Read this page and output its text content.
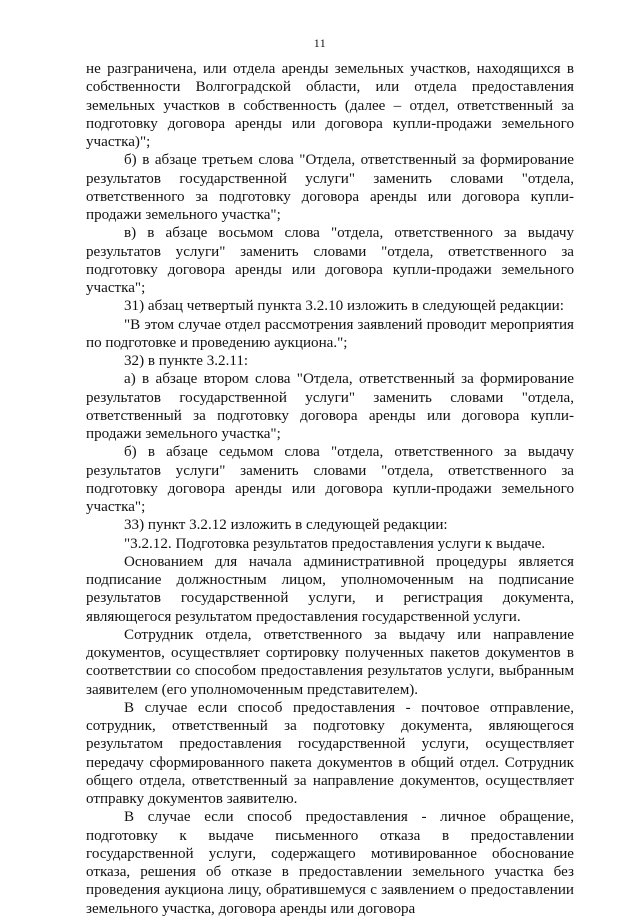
11

не разграничена, или отдела аренды земельных участков, находящихся в собственности Волгоградской области, или отдела предоставления земельных участков в собственность (далее – отдел, ответственный за подготовку договора аренды или договора купли-продажи земельного участка)";

б) в абзаце третьем слова "Отдела, ответственный за формирование результатов государственной услуги" заменить словами "отдела, ответственного за подготовку договора аренды или договора купли-продажи земельного участка";

в) в абзаце восьмом слова "отдела, ответственного за выдачу результатов услуги" заменить словами "отдела, ответственного за подготовку договора аренды или договора купли-продажи земельного участка";

31) абзац четвертый пункта 3.2.10 изложить в следующей редакции:

"В этом случае отдел рассмотрения заявлений проводит мероприятия по подготовке и проведению аукциона.";

32) в пункте 3.2.11:

а) в абзаце втором слова "Отдела, ответственный за формирование результатов государственной услуги" заменить словами "отдела, ответственный за подготовку договора аренды или договора купли-продажи земельного участка";

б) в абзаце седьмом слова "отдела, ответственного за выдачу результатов услуги" заменить словами "отдела, ответственного за подготовку договора аренды или договора купли-продажи земельного участка";

33) пункт 3.2.12 изложить в следующей редакции:

"3.2.12. Подготовка результатов предоставления услуги к выдаче.

Основанием для начала административной процедуры является подписание должностным лицом, уполномоченным на подписание результатов государственной услуги, и регистрация документа, являющегося результатом предоставления государственной услуги.

Сотрудник отдела, ответственного за выдачу или направление документов, осуществляет сортировку полученных пакетов документов в соответствии со способом предоставления результатов услуги, выбранным заявителем (его уполномоченным представителем).

В случае если способ предоставления - почтовое отправление, сотрудник, ответственный за подготовку документа, являющегося результатом предоставления государственной услуги, осуществляет передачу сформированного пакета документов в общий отдел. Сотрудник общего отдела, ответственный за направление документов, осуществляет отправку документов заявителю.

В случае если способ предоставления - личное обращение, подготовку к выдаче письменного отказа в предоставлении государственной услуги, содержащего мотивированное обоснование отказа, решения об отказе в предоставлении земельного участка без проведения аукциона лицу, обратившемуся с заявлением о предоставлении земельного участка, договора аренды или договора
